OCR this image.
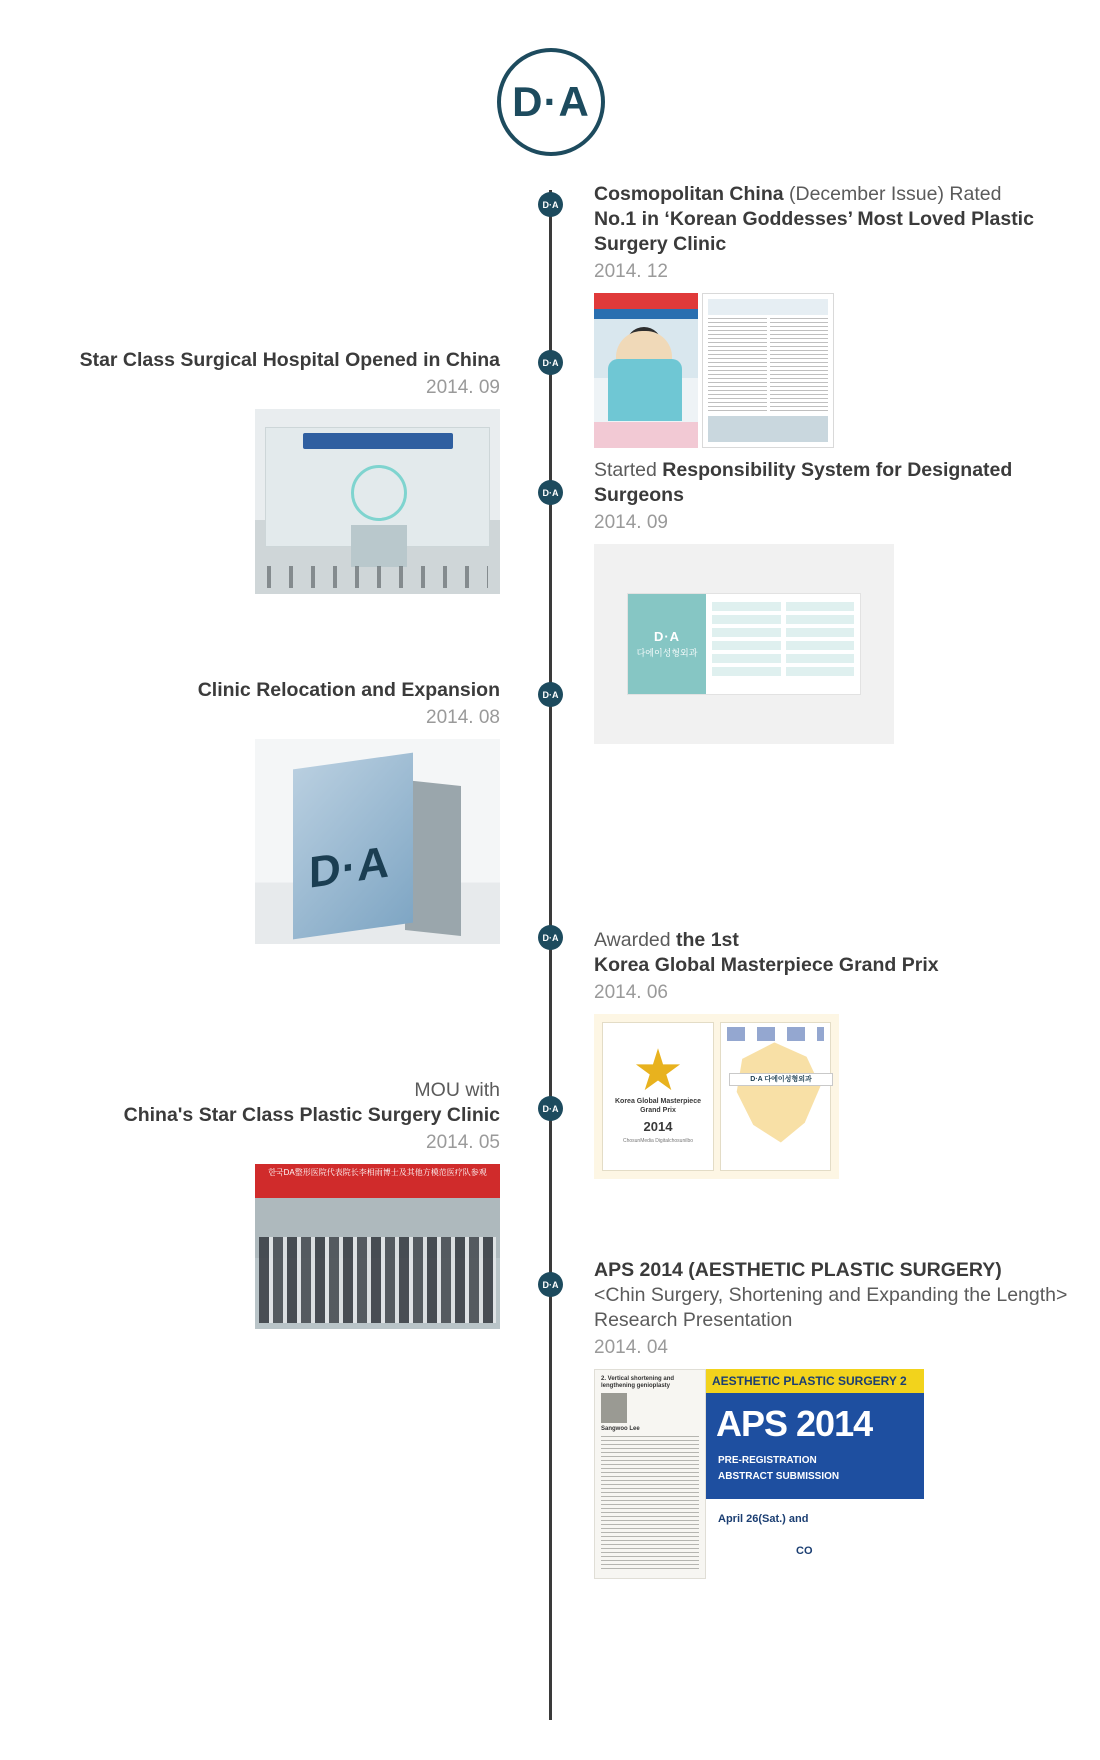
D·A
D·A
D·A
D·A
D·A
D·A
D·A
D·A
Cosmopolitan China (December Issue) Rated
No.1 in ‘Korean Goddesses’ Most Loved Plastic Surgery Clinic
2014. 12
Star Class Surgical Hospital Opened in China
2014. 09
Started Responsibility System for Designated Surgeons
2014. 09
D·A
다에이성형외과
Clinic Relocation and Expansion
2014. 08
D·A
Awarded the 1st
Korea Global Masterpiece Grand Prix
2014. 06
Korea Global Masterpiece Grand Prix
2014
ChosunMedia Digitalchosunilbo
D·A 다에이성형외과
MOU with
China's Star Class Plastic Surgery Clinic
2014. 05
한국DA整形医院代表院长李相雨博士及其他方模范医疗队参观
APS 2014 (AESTHETIC PLASTIC SURGERY)
<Chin Surgery, Shortening and Expanding the Length> Research Presentation
2014. 04
2. Vertical shortening and lengthening genioplasty
Sangwoo Lee
AESTHETIC PLASTIC SURGERY 2
APS 2014
PRE-REGISTRATION
ABSTRACT SUBMISSION
April 26(Sat.) and
CO
